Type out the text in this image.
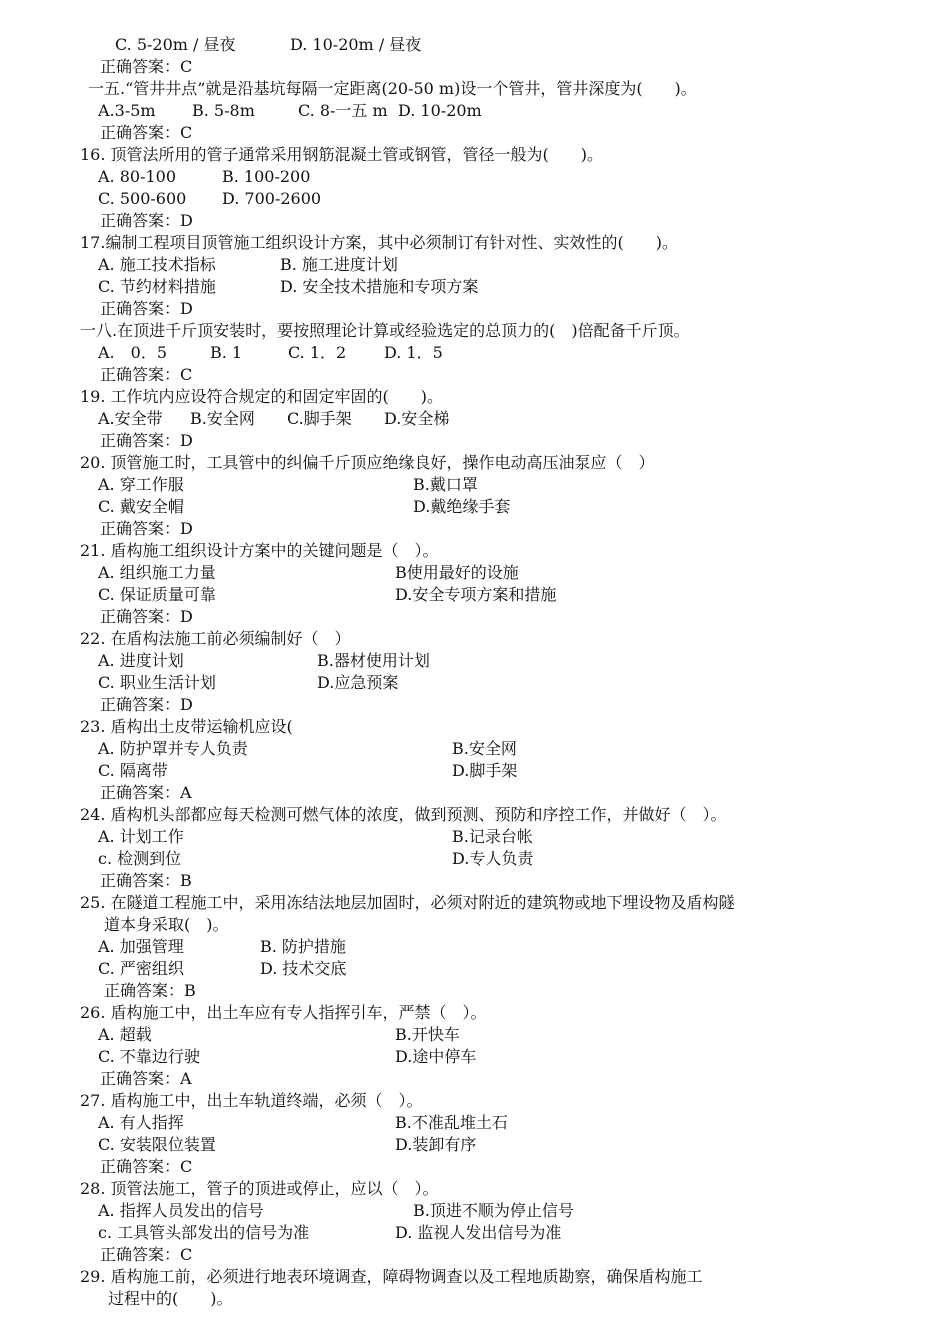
C. 5-20m / 昼夜	D. 10-20m / 昼夜
正确答案：C
一五.“管井井点”就是沿基坑每隔一定距离(20-50 m)设一个管井，管井深度为(　　)。
A.3-5m B. 5-8m	C. 8-一五 m D. 10-20m
正确答案：C
16. 顶管法所用的管子通常采用钢筋混凝土管或钢管，管径一般为(　　)。
A. 80-100	B. 100-200
C. 500-600 D. 700-2600
正确答案：D
17.编制工程项目顶管施工组织设计方案，其中必须制订有针对性、实效性的(　　)。
A. 施工技术指标	B. 施工进度计划
C. 节约材料措施	D. 安全技术措施和专项方案
正确答案：D
一八.在顶进千斤顶安装时，要按照理论计算或经验选定的总顶力的(　)倍配备千斤顶。
A.　0．5	B. 1	C. 1．2 D. 1．5
正确答案：C
19. 工作坑内应设符合规定的和固定牢固的(　　)。
A.安全带 B.安全网 C.脚手架 D.安全梯
正确答案：D
20. 顶管施工时，工具管中的纠偏千斤顶应绝缘良好，操作电动高压油泵应（　）
A. 穿工作服	B.戴口罩
C. 戴安全帽	D.戴绝缘手套
正确答案：D
21. 盾构施工组织设计方案中的关键问题是（　）。
A. 组织施工力量	B使用最好的设施
C. 保证质量可靠	D.安全专项方案和措施
正确答案：D
22. 在盾构法施工前必须编制好（　）
A. 进度计划	B.器材使用计划
C. 职业生活计划	D.应急预案
正确答案：D
23. 盾构出土皮带运输机应设(
A. 防护罩并专人负责	B.安全网
C. 隔离带	D.脚手架
正确答案：A
24. 盾构机头部都应每天检测可燃气体的浓度，做到预测、预防和序控工作，并做好（　）。
A. 计划工作	B.记录台帐
c. 检测到位	D.专人负责
正确答案：B
25. 在隧道工程施工中，采用冻结法地层加固时，必须对附近的建筑物或地下埋设物及盾构隧
道本身采取(　)。
A. 加强管理	B. 防护措施
C. 严密组织	D. 技术交底
正确答案：B
26. 盾构施工中，出土车应有专人指挥引车，严禁（　）。
A. 超载	B.开快车
C. 不靠边行驶	D.途中停车
正确答案：A
27. 盾构施工中，出土车轨道终端，必须（　）。
A. 有人指挥	B.不准乱堆土石
C. 安装限位装置	D.装卸有序
正确答案：C
28. 顶管法施工，管子的顶进或停止，应以（　）。
A. 指挥人员发出的信号	B.顶进不顺为停止信号
c. 工具管头部发出的信号为准	D. 监视人发出信号为准
正确答案：C
29. 盾构施工前，必须进行地表环境调查，障碍物调查以及工程地质勘察，确保盾构施工
过程中的(　　)。
